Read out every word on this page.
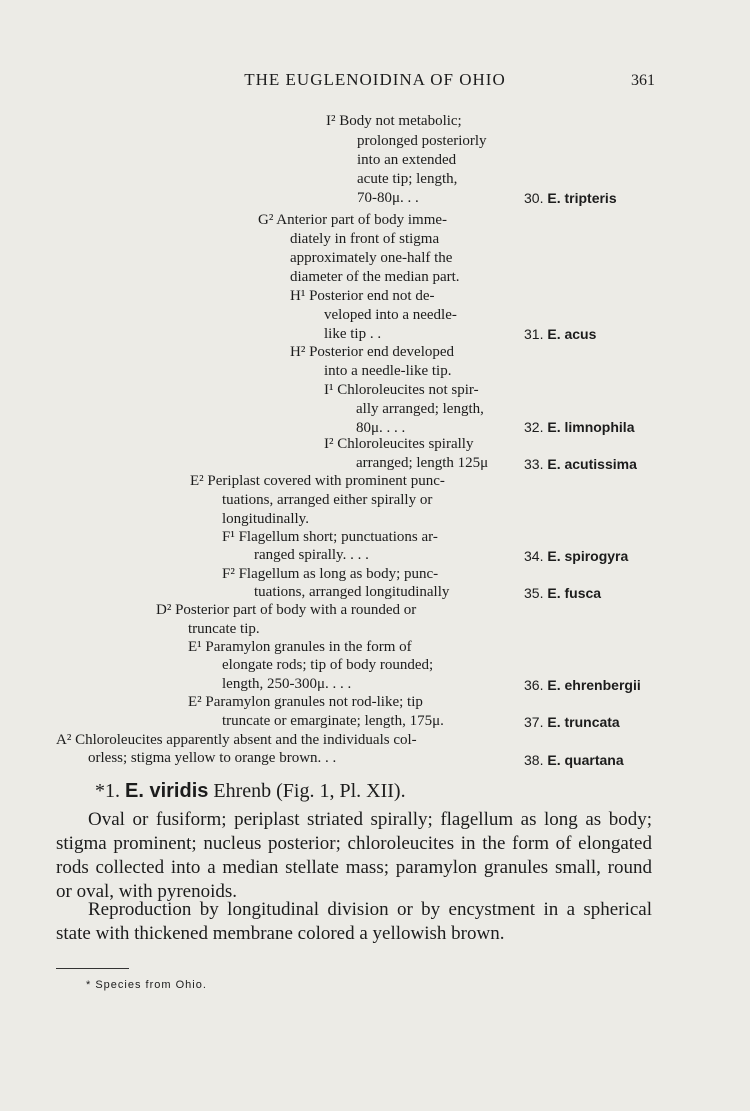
THE EUGLENOIDINA OF OHIO	361
I² Body not metabolic;
prolonged posteriorly
into an extended
acute tip; length,
70-80μ. . .	30. E. tripteris
G² Anterior part of body imme-
diately in front of stigma
approximately one-half the
diameter of the median part.
H¹ Posterior end not de-
veloped into a needle-
like tip . .	31. E. acus
H² Posterior end developed
into a needle-like tip.
I¹ Chloroleucites not spir-
ally arranged; length,
80μ. . . .	32. E. limnophila
I² Chloroleucites spirally
arranged; length 125μ	33. E. acutissima
E² Periplast covered with prominent punc-
tuations, arranged either spirally or
longitudinally.
F¹ Flagellum short; punctuations ar-
ranged spirally. . . .	34. E. spirogyra
F² Flagellum as long as body; punc-
tuations, arranged longitudinally	35. E. fusca
D² Posterior part of body with a rounded or
truncate tip.
E¹ Paramylon granules in the form of
elongate rods; tip of body rounded;
length, 250-300μ. . . .	36. E. ehrenbergii
E² Paramylon granules not rod-like; tip
truncate or emarginate; length, 175μ.	37. E. truncata
A² Chloroleucites apparently absent and the individuals col-
orless; stigma yellow to orange brown. . .	38. E. quartana
*1. E. viridis Ehrenb (Fig. 1, Pl. XII).
Oval or fusiform; periplast striated spirally; flagellum as long as body; stigma prominent; nucleus posterior; chloroleucites in the form of elongated rods collected into a median stellate mass; paramylon granules small, round or oval, with pyrenoids.
Reproduction by longitudinal division or by encystment in a spherical state with thickened membrane colored a yellowish brown.
* Species from Ohio.
